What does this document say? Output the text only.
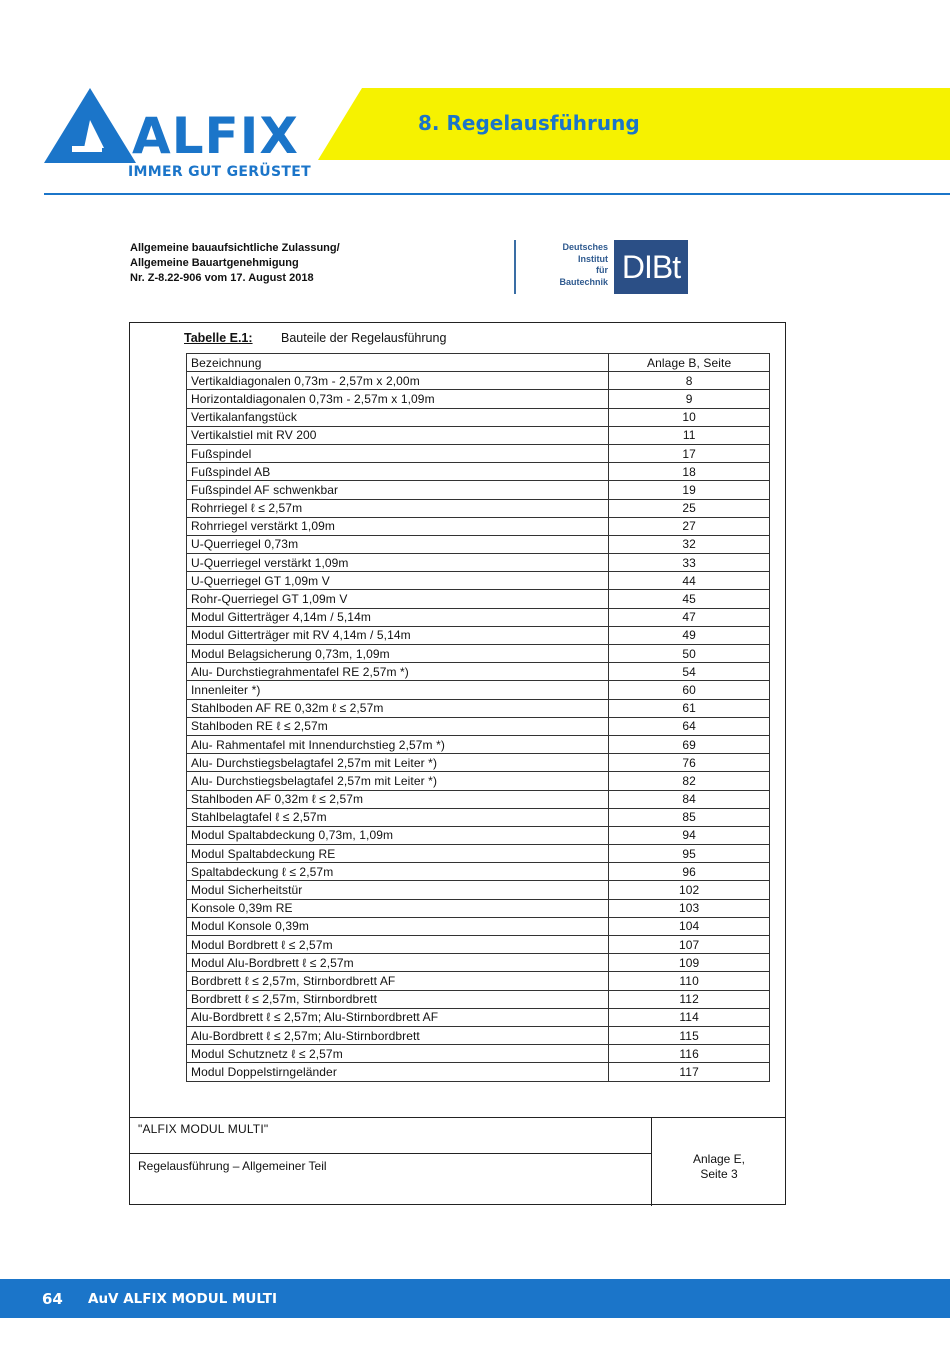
ALFIX
IMMER GUT GERÜSTET
8. Regelausführung
Allgemeine bauaufsichtliche Zulassung/
Allgemeine Bauartgenehmigung
Nr. Z-8.22-906 vom 17. August 2018
Deutsches
Institut
für
Bautechnik DIBt
Tabelle E.1: Bauteile der Regelausführung
Bezeichnung	Anlage B, Seite
Vertikaldiagonalen 0,73m - 2,57m x 2,00m	8
Horizontaldiagonalen 0,73m - 2,57m x 1,09m	9
Vertikalanfangstück	10
Vertikalstiel mit RV 200	11
Fußspindel	17
Fußspindel AB	18
Fußspindel AF schwenkbar	19
Rohrriegel ℓ ≤ 2,57m	25
Rohrriegel verstärkt 1,09m	27
U-Querriegel 0,73m	32
U-Querriegel verstärkt 1,09m	33
U-Querriegel GT 1,09m V	44
Rohr-Querriegel GT 1,09m V	45
Modul Gitterträger 4,14m / 5,14m	47
Modul Gitterträger mit RV 4,14m / 5,14m	49
Modul Belagsicherung 0,73m, 1,09m	50
Alu- Durchstiegrahmentafel RE 2,57m *)	54
Innenleiter *)	60
Stahlboden AF RE 0,32m ℓ ≤ 2,57m	61
Stahlboden RE ℓ ≤ 2,57m	64
Alu- Rahmentafel mit Innendurchstieg 2,57m *)	69
Alu- Durchstiegsbelagtafel 2,57m mit Leiter *)	76
Alu- Durchstiegsbelagtafel 2,57m mit Leiter *)	82
Stahlboden AF 0,32m ℓ ≤ 2,57m	84
Stahlbelagtafel ℓ ≤ 2,57m	85
Modul Spaltabdeckung 0,73m, 1,09m	94
Modul Spaltabdeckung RE	95
Spaltabdeckung ℓ ≤ 2,57m	96
Modul Sicherheitstür	102
Konsole 0,39m RE	103
Modul Konsole 0,39m	104
Modul Bordbrett ℓ ≤ 2,57m	107
Modul Alu-Bordbrett ℓ ≤ 2,57m	109
Bordbrett ℓ ≤ 2,57m, Stirnbordbrett AF	110
Bordbrett ℓ ≤ 2,57m, Stirnbordbrett	112
Alu-Bordbrett ℓ ≤ 2,57m; Alu-Stirnbordbrett AF	114
Alu-Bordbrett ℓ ≤ 2,57m; Alu-Stirnbordbrett	115
Modul Schutznetz ℓ ≤ 2,57m	116
Modul Doppelstirngeländer	117
"ALFIX MODUL MULTI"
Regelausführung – Allgemeiner Teil	Anlage E,
Seite 3
64 AuV ALFIX MODUL MULTI
